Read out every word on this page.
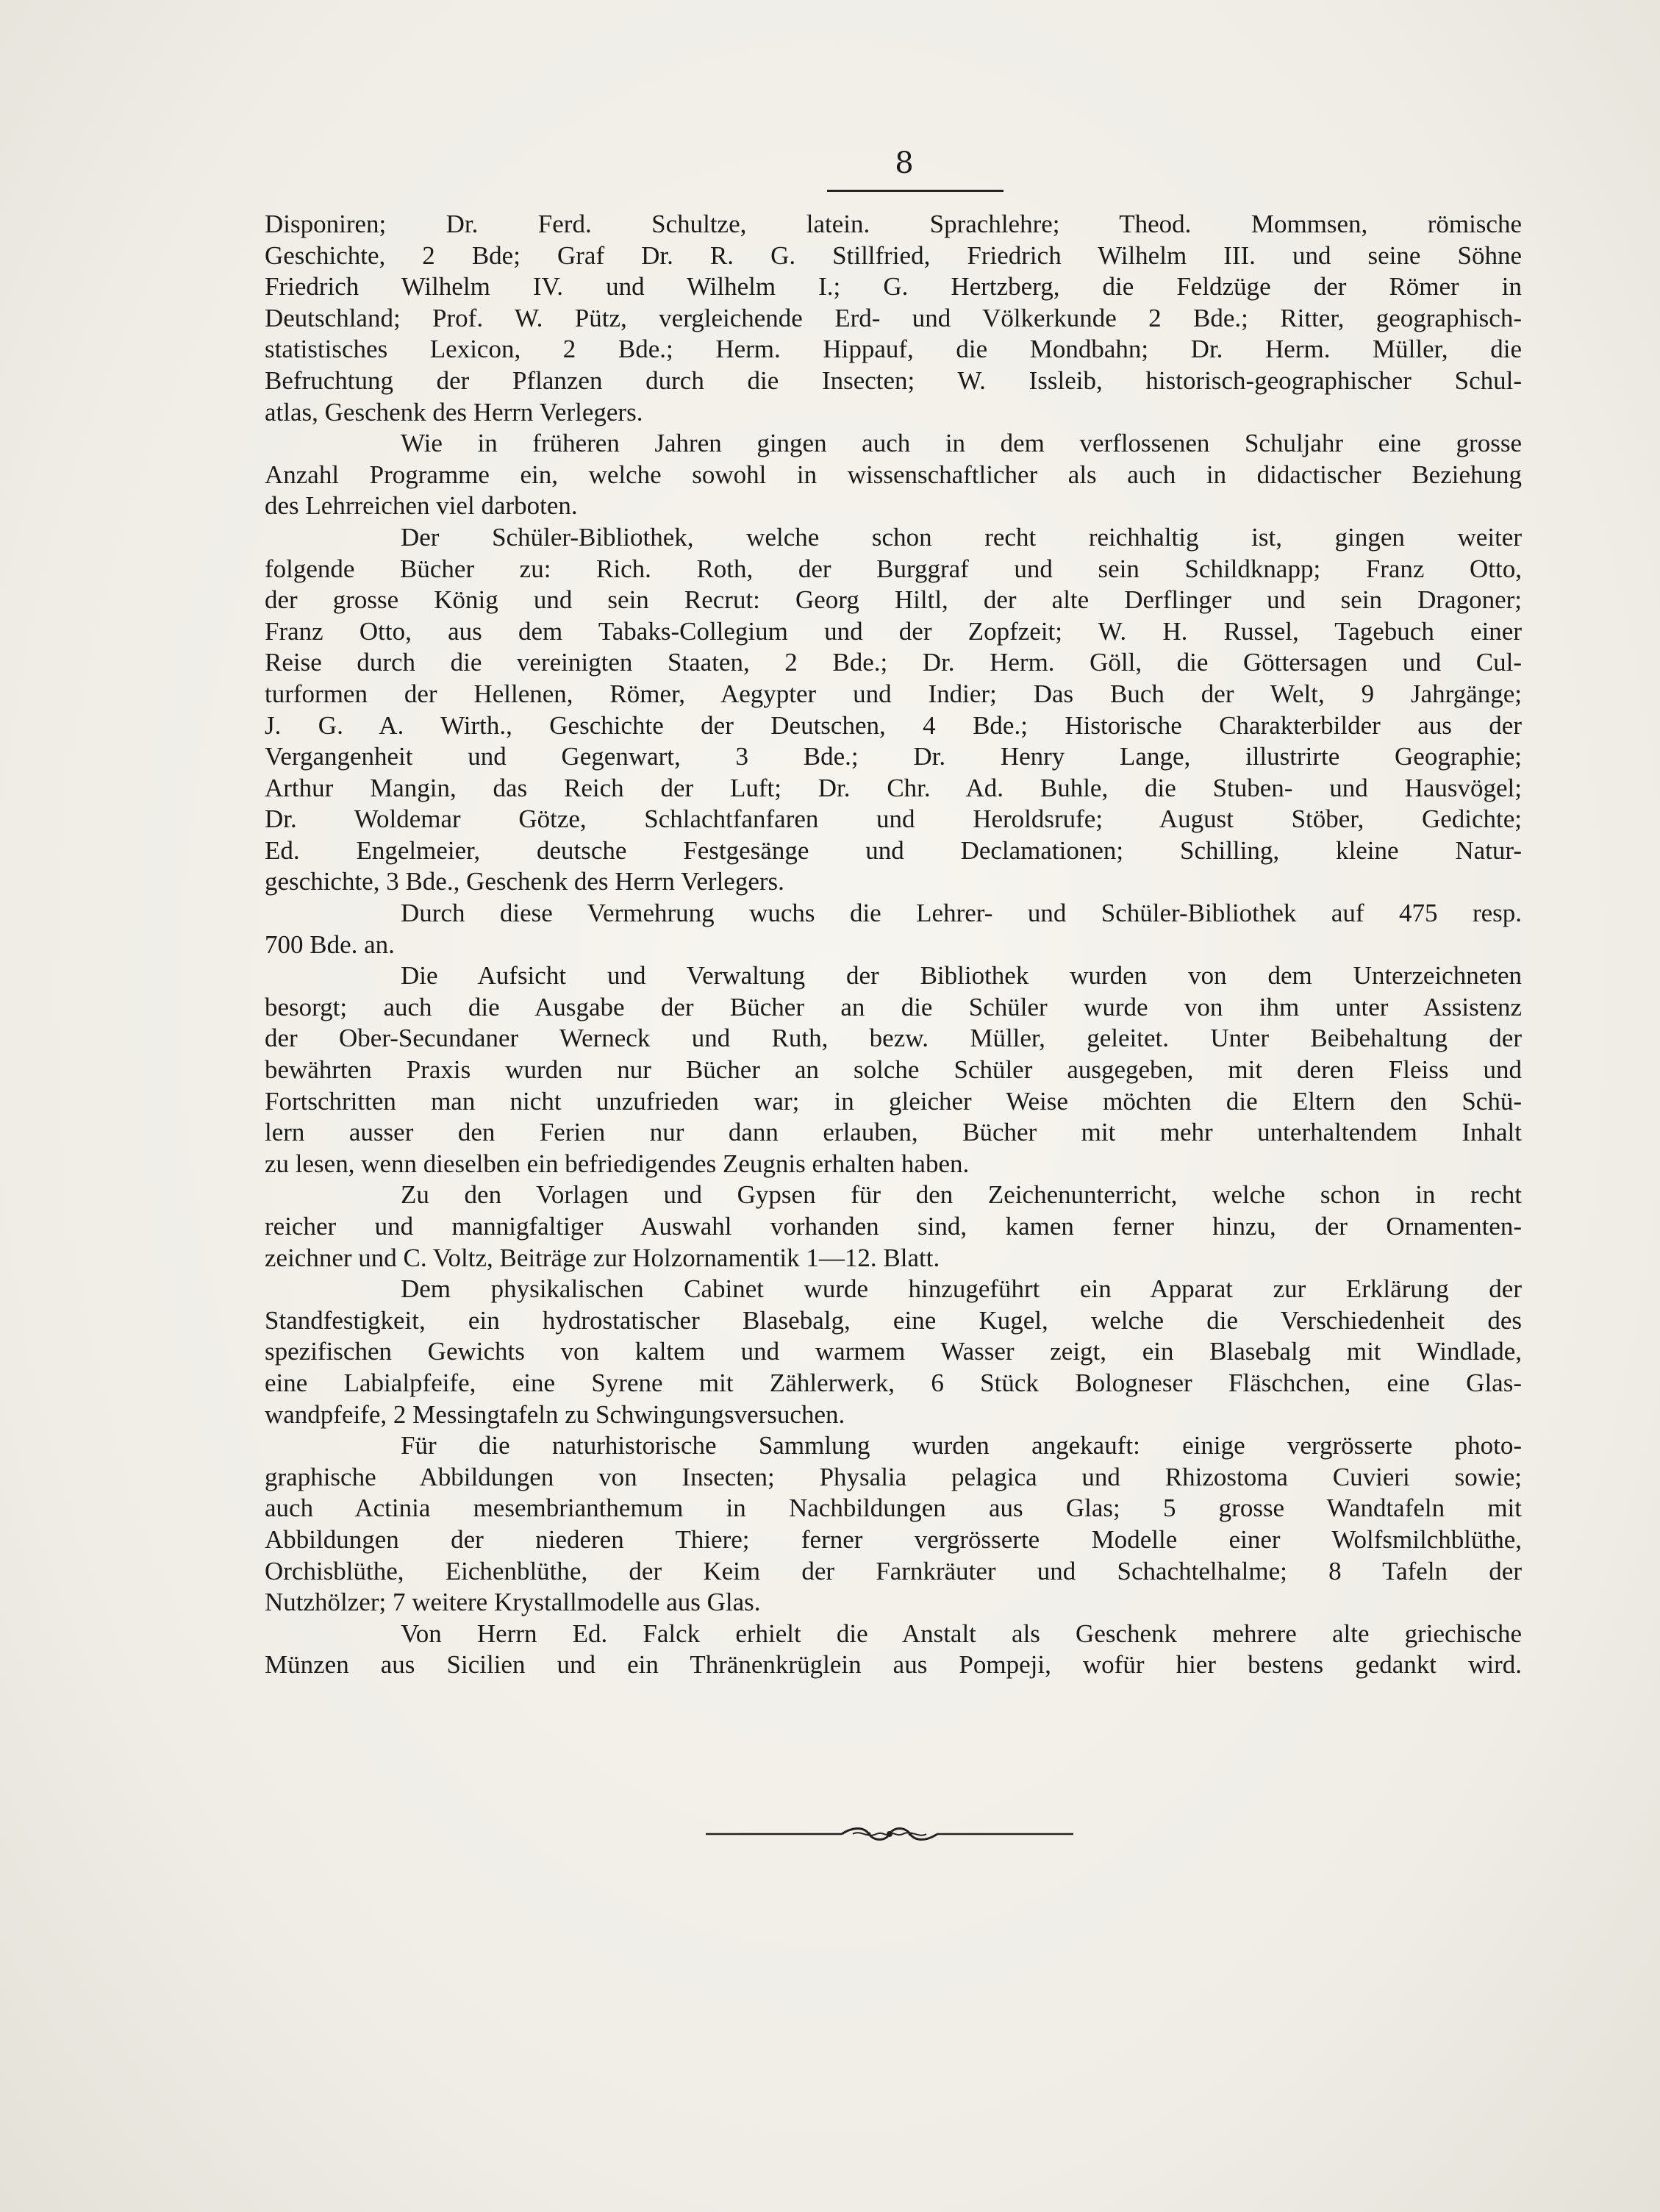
8
Disponiren; Dr. Ferd. Schultze, latein. Sprachlehre; Theod. Mommsen, römische
Geschichte, 2 Bde; Graf Dr. R. G. Stillfried, Friedrich Wilhelm III. und seine Söhne
Friedrich Wilhelm IV. und Wilhelm I.; G. Hertzberg, die Feldzüge der Römer in
Deutschland; Prof. W. Pütz, vergleichende Erd- und Völkerkunde 2 Bde.; Ritter, geographisch-
statistisches Lexicon, 2 Bde.; Herm. Hippauf, die Mondbahn; Dr. Herm. Müller, die
Befruchtung der Pflanzen durch die Insecten; W. Issleib, historisch-geographischer Schul-
atlas, Geschenk des Herrn Verlegers.
Wie in früheren Jahren gingen auch in dem verflossenen Schuljahr eine grosse
Anzahl Programme ein, welche sowohl in wissenschaftlicher als auch in didactischer Beziehung
des Lehrreichen viel darboten.
Der Schüler-Bibliothek, welche schon recht reichhaltig ist, gingen weiter
folgende Bücher zu: Rich. Roth, der Burggraf und sein Schildknapp; Franz Otto,
der grosse König und sein Recrut: Georg Hiltl, der alte Derflinger und sein Dragoner;
Franz Otto, aus dem Tabaks-Collegium und der Zopfzeit; W. H. Russel, Tagebuch einer
Reise durch die vereinigten Staaten, 2 Bde.; Dr. Herm. Göll, die Göttersagen und Cul-
turformen der Hellenen, Römer, Aegypter und Indier; Das Buch der Welt, 9 Jahrgänge;
J. G. A. Wirth., Geschichte der Deutschen, 4 Bde.; Historische Charakterbilder aus der
Vergangenheit und Gegenwart, 3 Bde.; Dr. Henry Lange, illustrirte Geographie;
Arthur Mangin, das Reich der Luft; Dr. Chr. Ad. Buhle, die Stuben- und Hausvögel;
Dr. Woldemar Götze, Schlachtfanfaren und Heroldsrufe; August Stöber, Gedichte;
Ed. Engelmeier, deutsche Festgesänge und Declamationen; Schilling, kleine Natur-
geschichte, 3 Bde., Geschenk des Herrn Verlegers.
Durch diese Vermehrung wuchs die Lehrer- und Schüler-Bibliothek auf 475 resp.
700 Bde. an.
Die Aufsicht und Verwaltung der Bibliothek wurden von dem Unterzeichneten
besorgt; auch die Ausgabe der Bücher an die Schüler wurde von ihm unter Assistenz
der Ober-Secundaner Werneck und Ruth, bezw. Müller, geleitet. Unter Beibehaltung der
bewährten Praxis wurden nur Bücher an solche Schüler ausgegeben, mit deren Fleiss und
Fortschritten man nicht unzufrieden war; in gleicher Weise möchten die Eltern den Schü-
lern ausser den Ferien nur dann erlauben, Bücher mit mehr unterhaltendem Inhalt
zu lesen, wenn dieselben ein befriedigendes Zeugnis erhalten haben.
Zu den Vorlagen und Gypsen für den Zeichenunterricht, welche schon in recht
reicher und mannigfaltiger Auswahl vorhanden sind, kamen ferner hinzu, der Ornamenten-
zeichner und C. Voltz, Beiträge zur Holzornamentik 1—12. Blatt.
Dem physikalischen Cabinet wurde hinzugeführt ein Apparat zur Erklärung der
Standfestigkeit, ein hydrostatischer Blasebalg, eine Kugel, welche die Verschiedenheit des
spezifischen Gewichts von kaltem und warmem Wasser zeigt, ein Blasebalg mit Windlade,
eine Labialpfeife, eine Syrene mit Zählerwerk, 6 Stück Bologneser Fläschchen, eine Glas-
wandpfeife, 2 Messingtafeln zu Schwingungsversuchen.
Für die naturhistorische Sammlung wurden angekauft: einige vergrösserte photo-
graphische Abbildungen von Insecten; Physalia pelagica und Rhizostoma Cuvieri sowie;
auch Actinia mesembrianthemum in Nachbildungen aus Glas; 5 grosse Wandtafeln mit
Abbildungen der niederen Thiere; ferner vergrösserte Modelle einer Wolfsmilchblüthe,
Orchisblüthe, Eichenblüthe, der Keim der Farnkräuter und Schachtelhalme; 8 Tafeln der
Nutzhölzer; 7 weitere Krystallmodelle aus Glas.
Von Herrn Ed. Falck erhielt die Anstalt als Geschenk mehrere alte griechische
Münzen aus Sicilien und ein Thränenkrüglein aus Pompeji, wofür hier bestens gedankt wird.
